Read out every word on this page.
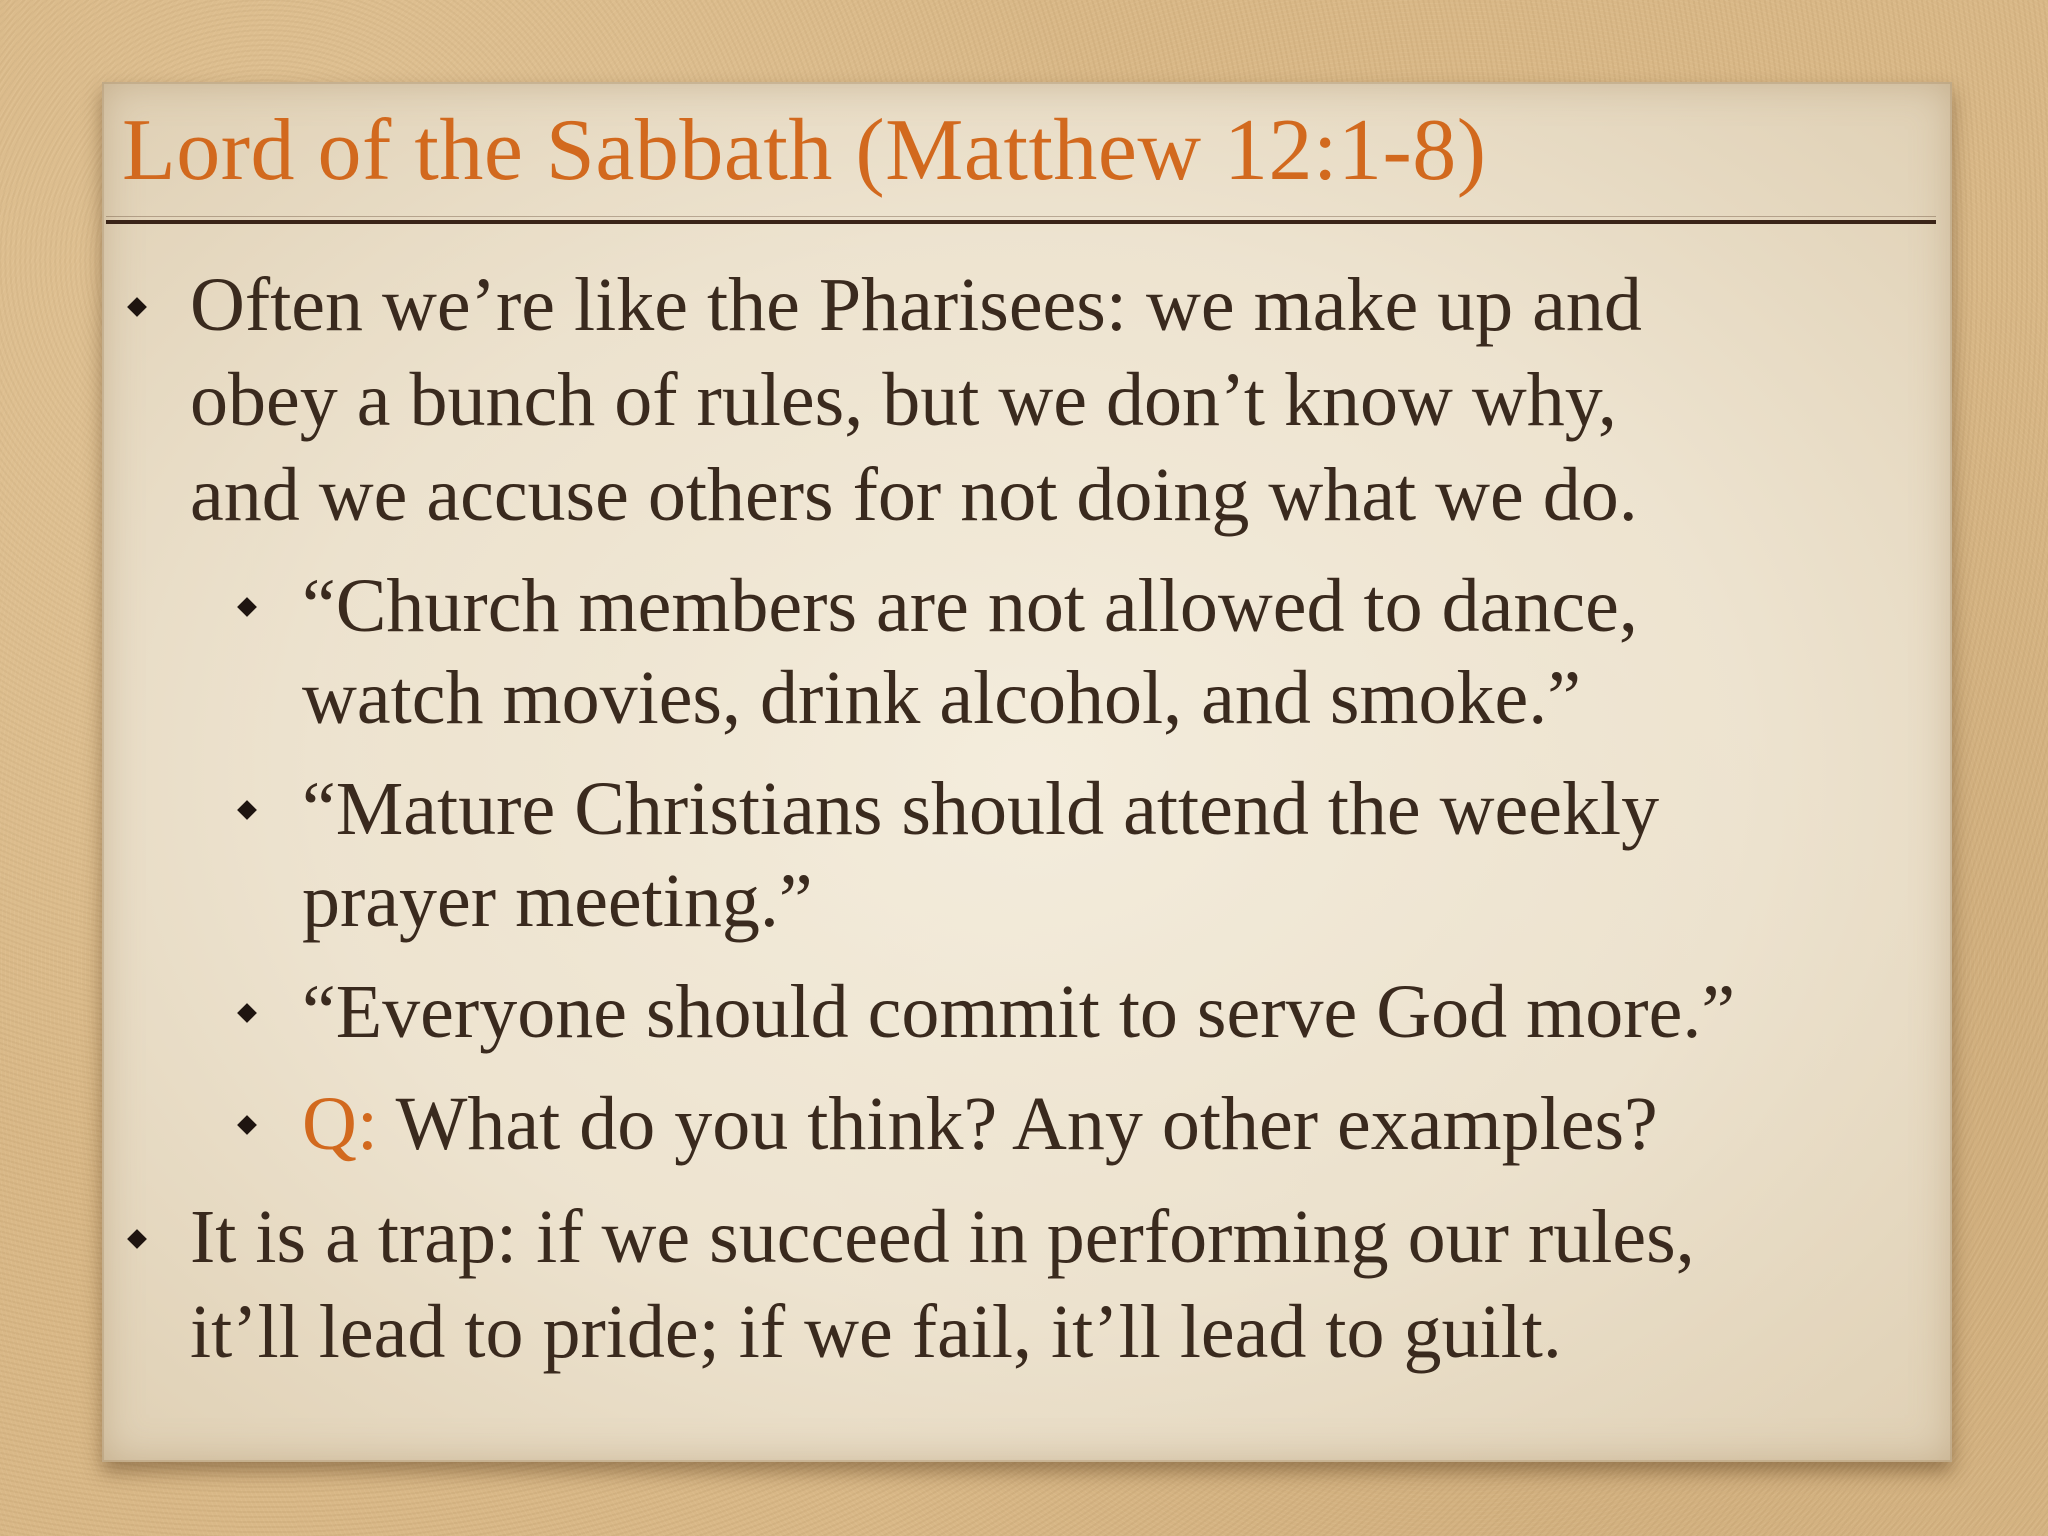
Lord of the Sabbath (Matthew 12:1-8)
Often we’re like the Pharisees: we make up and
obey a bunch of rules, but we don’t know why,
and we accuse others for not doing what we do.
“Church members are not allowed to dance,
watch movies, drink alcohol, and smoke.”
“Mature Christians should attend the weekly
prayer meeting.”
“Everyone should commit to serve God more.”
Q: What do you think? Any other examples?
It is a trap: if we succeed in performing our rules,
it’ll lead to pride; if we fail, it’ll lead to guilt.
